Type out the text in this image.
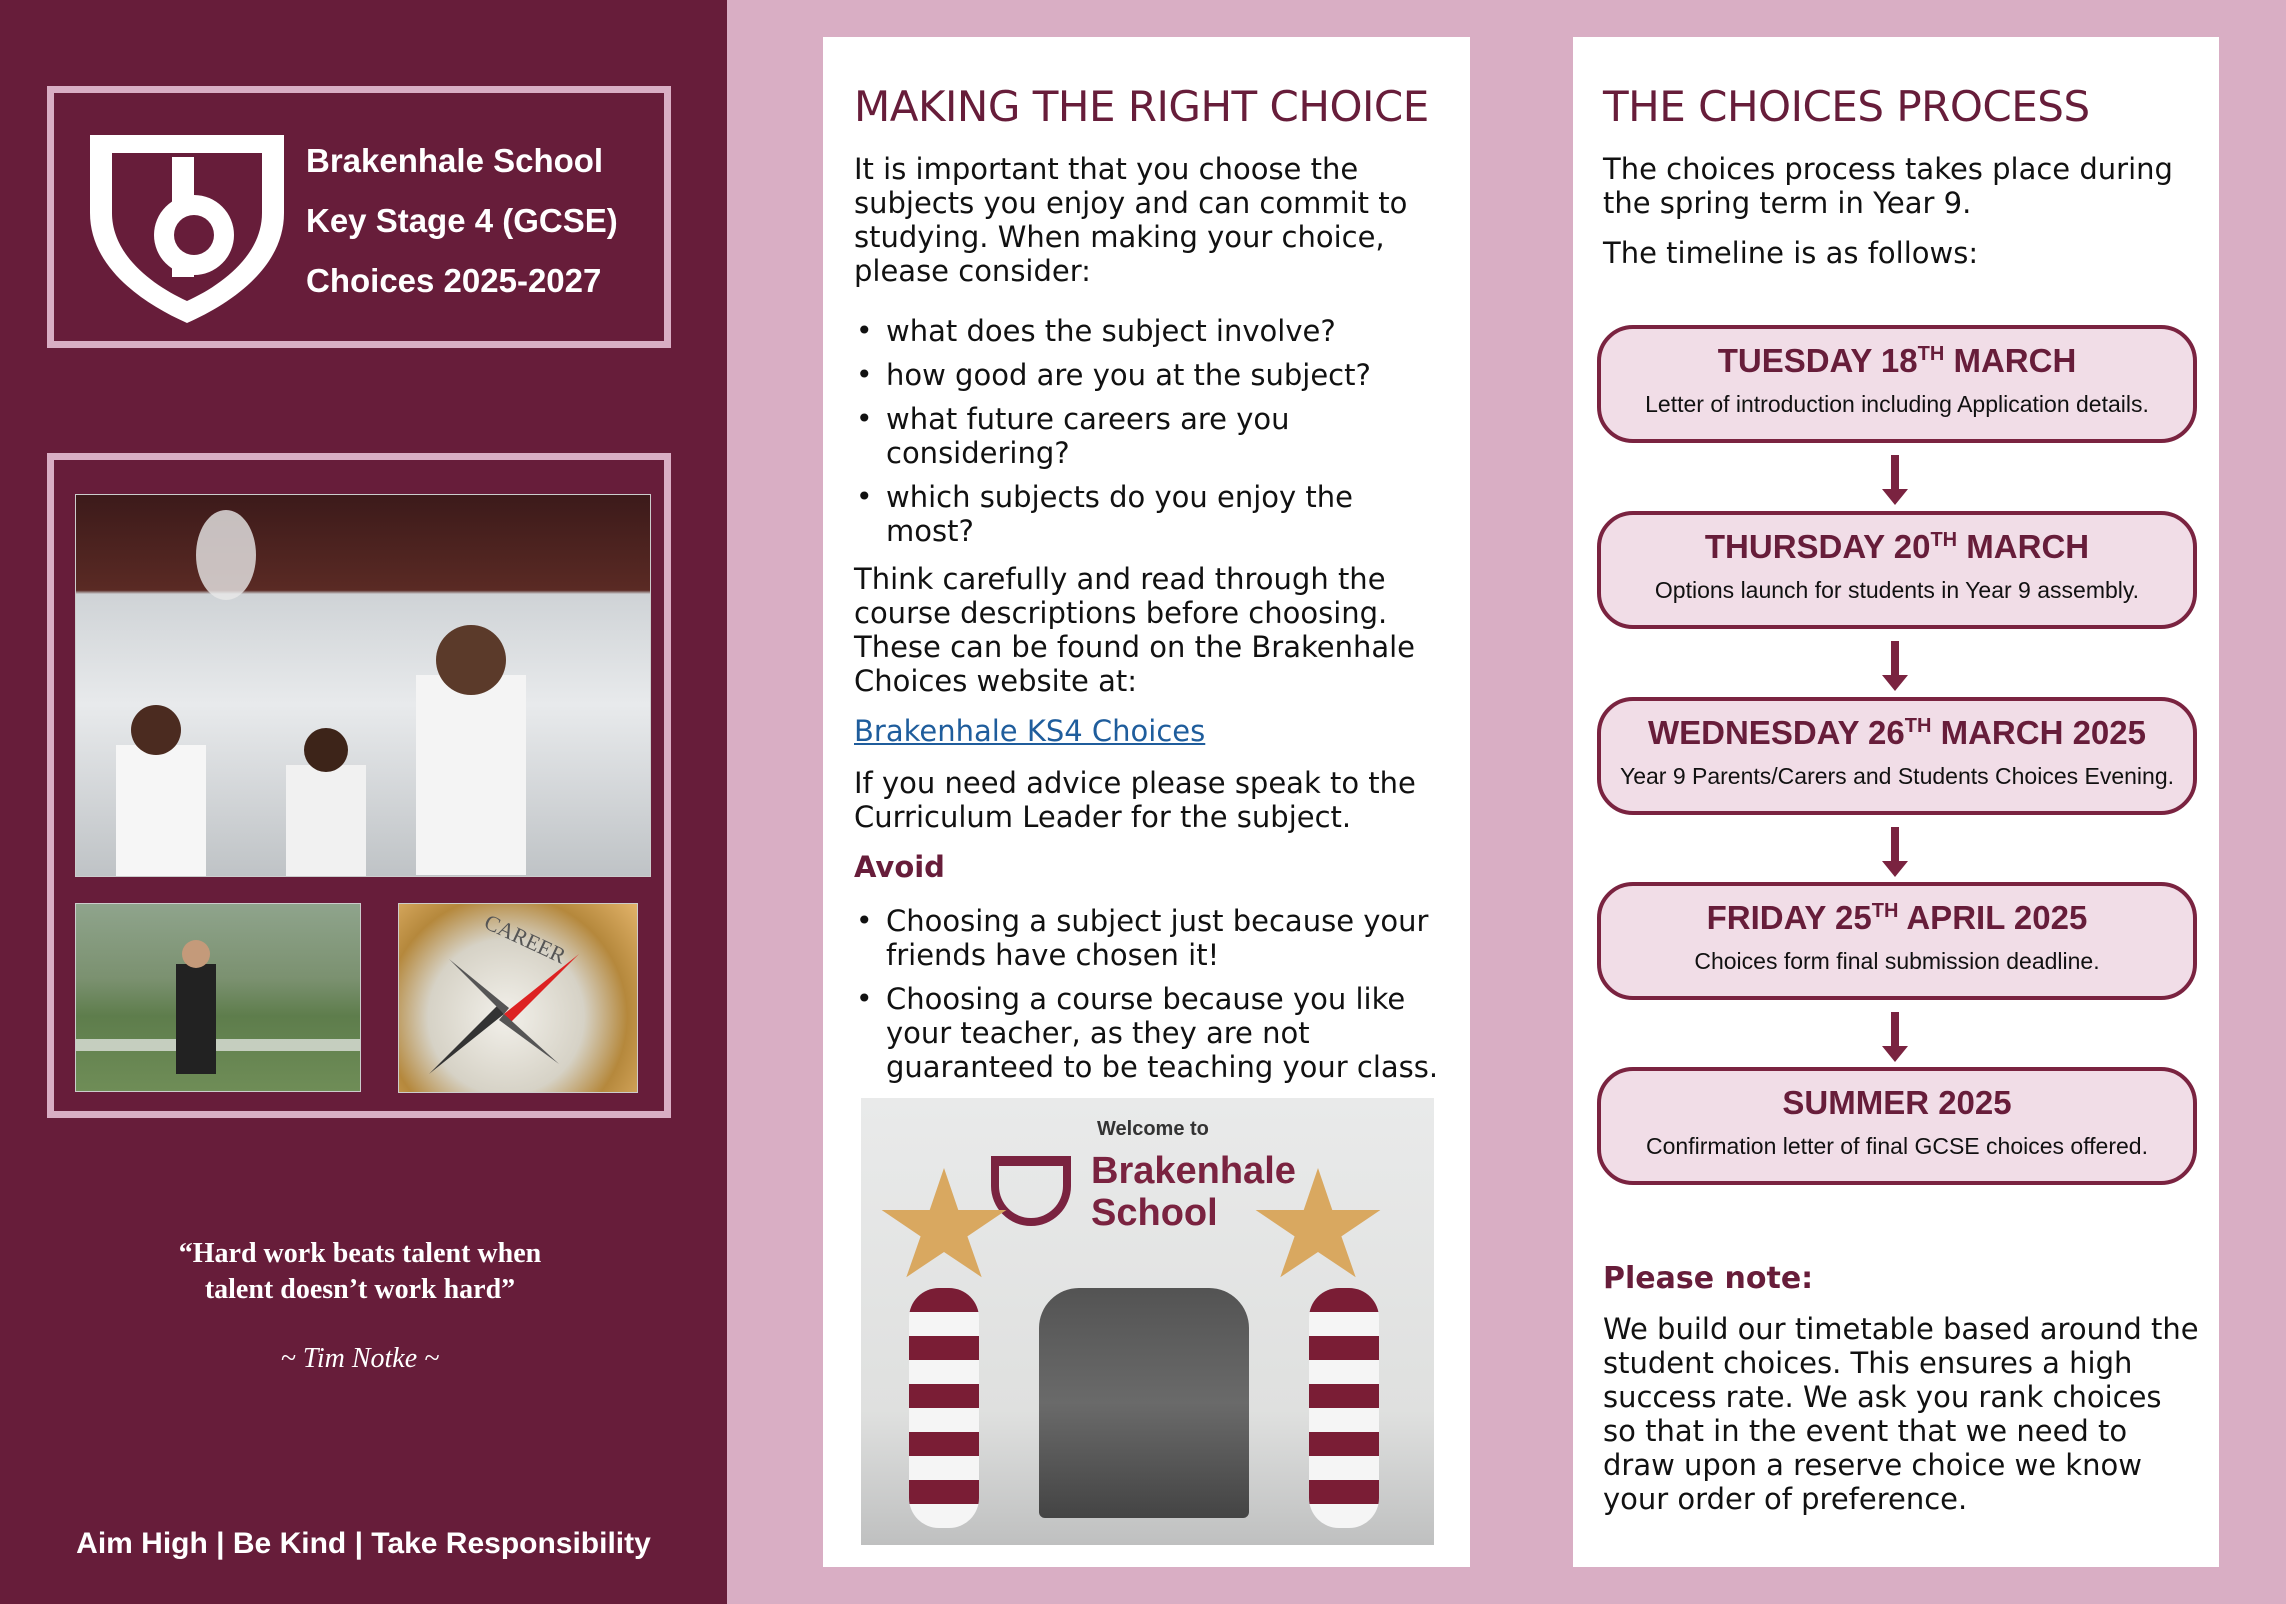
Brakenhale School
Key Stage 4 (GCSE)
Choices 2025-2027
CAREER
“Hard work beats talent when
talent doesn’t work hard”
~ Tim Notke ~
Aim High | Be Kind | Take Responsibility
MAKING THE RIGHT CHOICE

It is important that you choose the subjects you enjoy and can commit to studying. When making your choice, please consider:

• what does the subject involve?
• how good are you at the subject?
• what future careers are you considering?
• which subjects do you enjoy the most?

Think carefully and read through the course descriptions before choosing. These can be found on the Brakenhale Choices website at:

Brakenhale KS4 Choices

If you need advice please speak to the Curriculum Leader for the subject.

Avoid
• Choosing a subject just because your friends have chosen it!
• Choosing a course because you like your teacher, as they are not guaranteed to be teaching your class.
Welcome to
Brakenhale
School
THE CHOICES PROCESS

The choices process takes place during the spring term in Year 9.

The timeline is as follows:

TUESDAY 18TH MARCH
Letter of introduction including Application details.
THURSDAY 20TH MARCH
Options launch for students in Year 9 assembly.
WEDNESDAY 26TH MARCH 2025
Year 9 Parents/Carers and Students Choices Evening.
FRIDAY 25TH APRIL 2025
Choices form final submission deadline.
SUMMER 2025
Confirmation letter of final GCSE choices offered.
Please note:
We build our timetable based around the student choices. This ensures a high success rate. We ask you rank choices so that in the event that we need to draw upon a reserve choice we know your order of preference.
